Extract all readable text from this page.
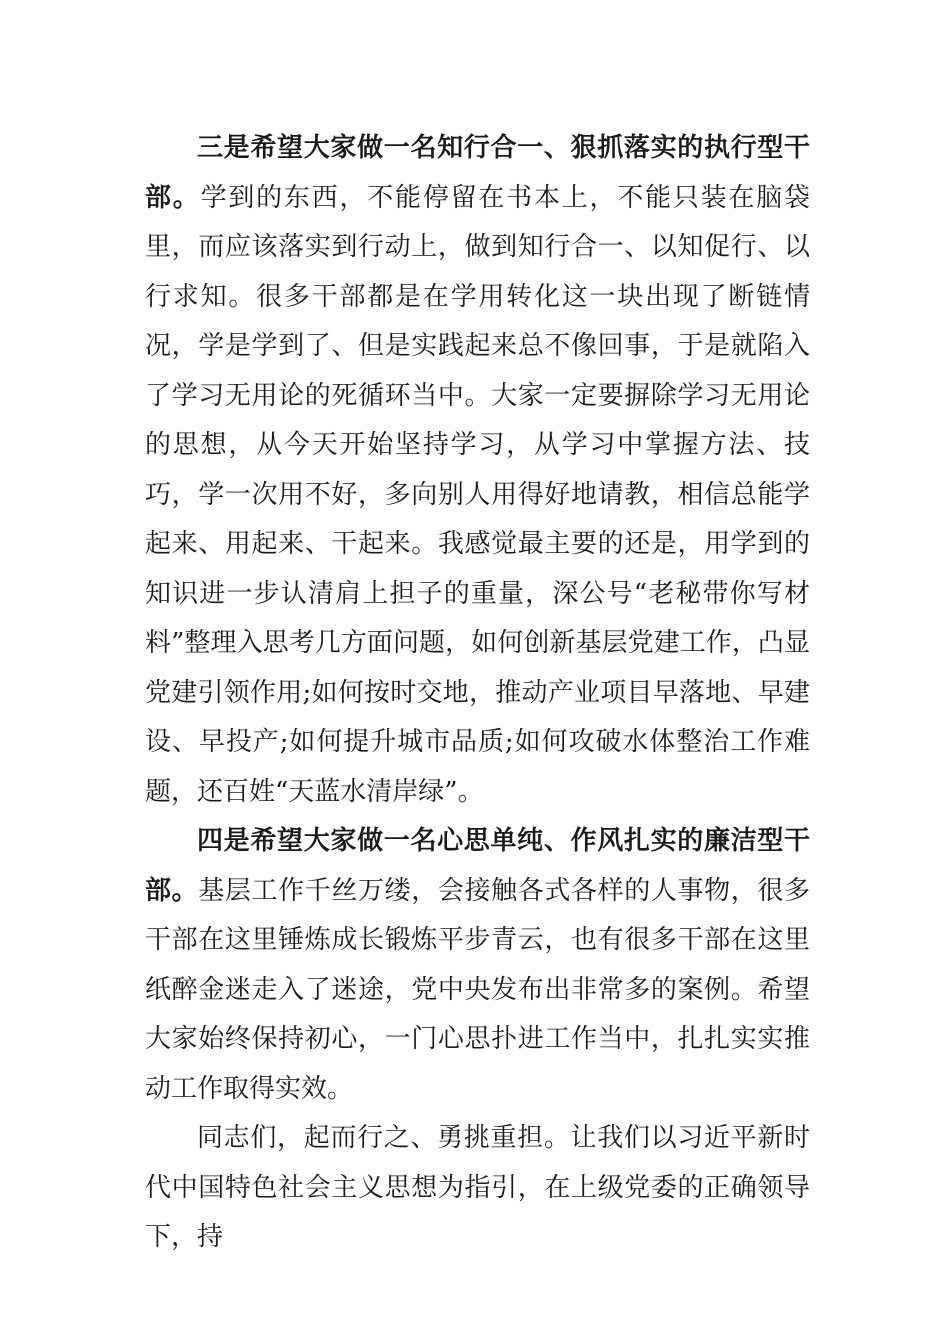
三是希望大家做一名知行合一、狠抓落实的执行型干部。学到的东西，不能停留在书本上，不能只装在脑袋里，而应该落实到行动上，做到知行合一、以知促行、以行求知。很多干部都是在学用转化这一块出现了断链情况，学是学到了、但是实践起来总不像回事，于是就陷入了学习无用论的死循环当中。大家一定要摒除学习无用论的思想，从今天开始坚持学习，从学习中掌握方法、技巧，学一次用不好，多向别人用得好地请教，相信总能学起来、用起来、干起来。我感觉最主要的还是，用学到的知识进一步认清肩上担子的重量，深公号“老秘带你写材料”整理入思考几方面问题，如何创新基层党建工作，凸显党建引领作用;如何按时交地，推动产业项目早落地、早建设、早投产;如何提升城市品质;如何攻破水体整治工作难题，还百姓“天蓝水清岸绿”。

四是希望大家做一名心思单纯、作风扎实的廉洁型干部。基层工作千丝万缕，会接触各式各样的人事物，很多干部在这里锤炼成长锻炼平步青云，也有很多干部在这里纸醉金迷走入了迷途，党中央发布出非常多的案例。希望大家始终保持初心，一门心思扑进工作当中，扎扎实实推动工作取得实效。

同志们，起而行之、勇挑重担。让我们以习近平新时代中国特色社会主义思想为指引，在上级党委的正确领导下，持
